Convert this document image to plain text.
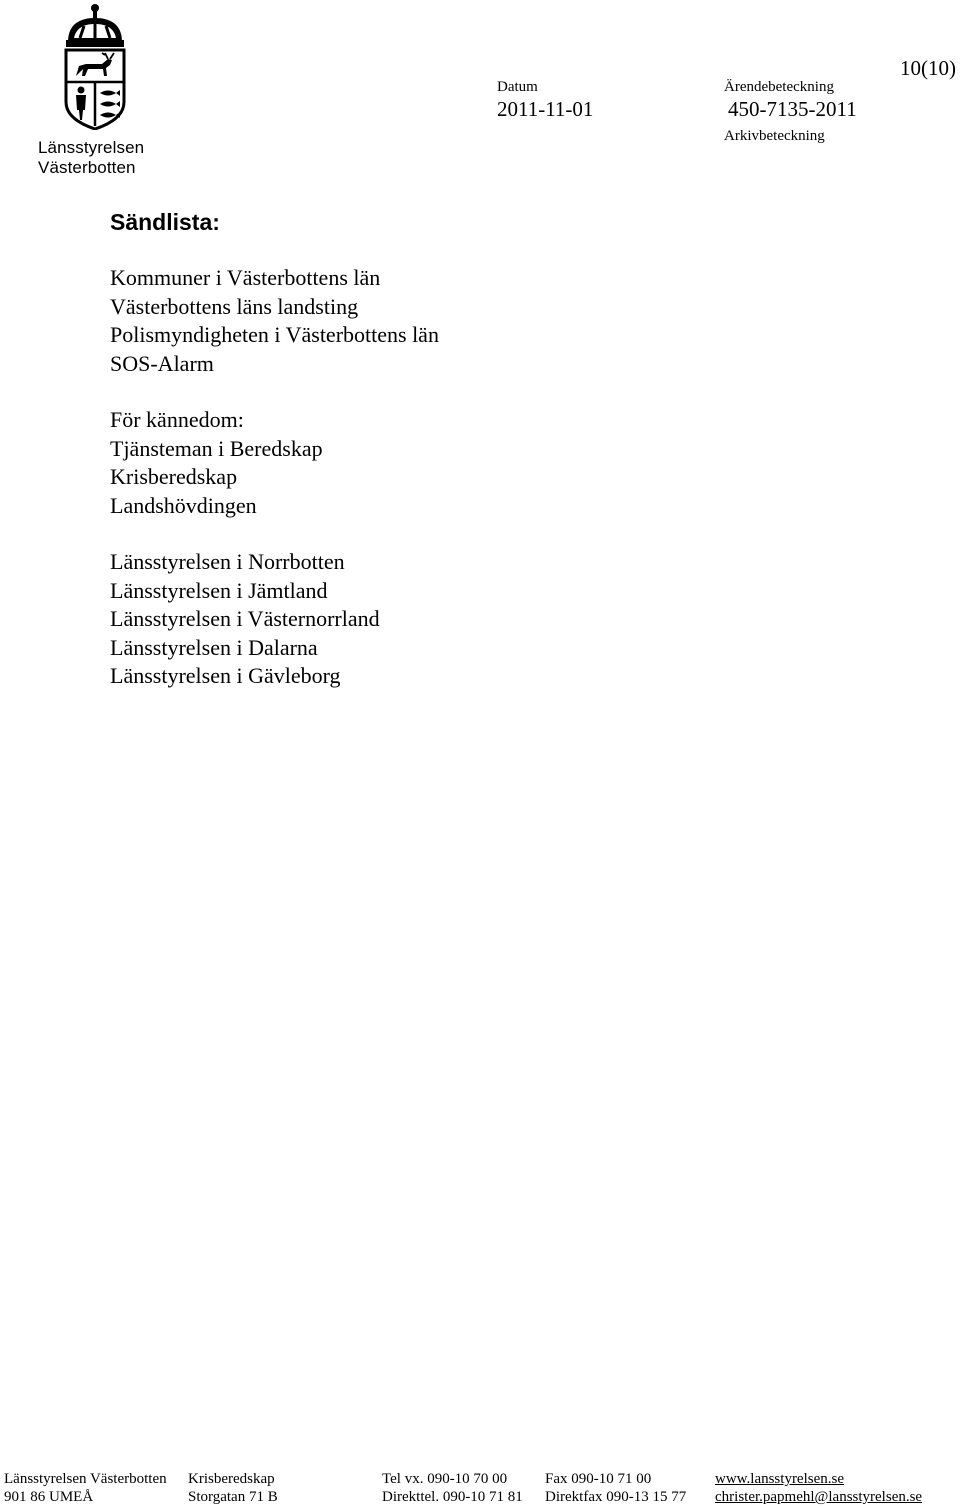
Länsstyrelsen
Västerbotten
Datum
2011-11-01
Ärendebeteckning
450-7135-2011
Arkivbeteckning
10(10)
Sändlista:
Kommuner i Västerbottens län
Västerbottens läns landsting
Polismyndigheten i Västerbottens län
SOS-Alarm
För kännedom:
Tjänsteman i Beredskap
Krisberedskap
Landshövdingen
Länsstyrelsen i Norrbotten
Länsstyrelsen i Jämtland
Länsstyrelsen i Västernorrland
Länsstyrelsen i Dalarna
Länsstyrelsen i Gävleborg
Länsstyrelsen Västerbotten
901 86 UMEÅ
Krisberedskap
Storgatan 71 B
Tel vx. 090-10 70 00
Direkttel. 090-10 71 81
Fax 090-10 71 00
Direktfax 090-13 15 77
www.lansstyrelsen.se
christer.papmehl@lansstyrelsen.se
